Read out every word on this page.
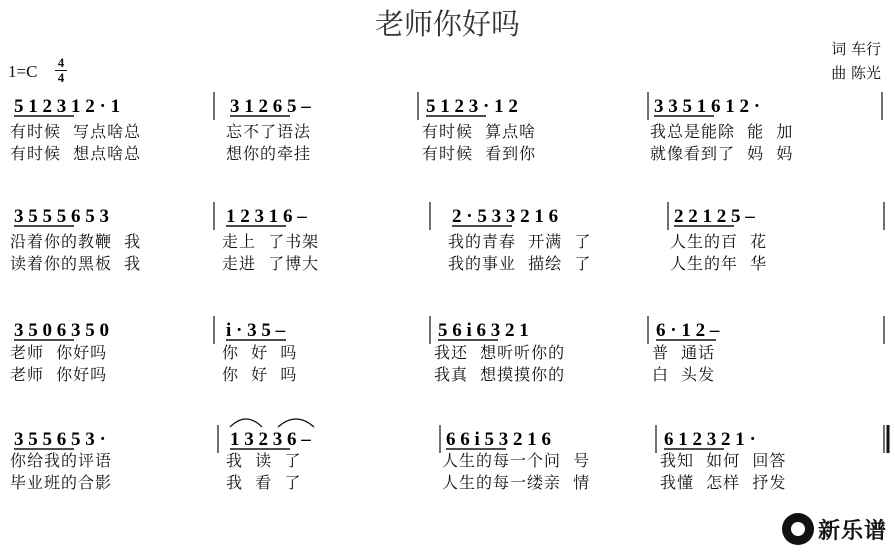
老师你好吗
词 车行
曲 陈光
1=C 4
4
5 1 2 3 1 2 · 1	3 1 2 6 5 –	5 1 2 3 · 1 2	3 3 5 1 6 1 2 ·
3 5 5 5 6 5 3	1 2 3 1 6 –	2 · 5 3 3 2 1 6	2 2 1 2 5 –
3 5 0 6 3 5 0	i · 3 5 –	5 6 i 6 3 2 1	6 · 1 2 –
3 5 5 6 5 3 ·	1 3 2 3 6 –	6 6 i 5 3 2 1 6	6 1 2 3 2 1 ·
有时候  写点啥总	忘不了语法	有时候  算点啥	我总是能除  能  加
有时候  想点啥总	想你的牵挂	有时候  看到你	就像看到了  妈  妈
沿着你的教鞭  我	走上  了书架	我的青春  开满  了	人生的百  花
读着你的黑板  我	走进  了博大	我的事业  描绘  了	人生的年  华
老师  你好吗	你  好  吗	我还  想听听你的	普  通话
老师  你好吗	你  好  吗	我真  想摸摸你的	白  头发
你给我的评语	我  读  了	人生的每一个问  号	我知  如何  回答
毕业班的合影	我  看  了	人生的每一缕亲  情	我懂  怎样  抒发
新乐谱
